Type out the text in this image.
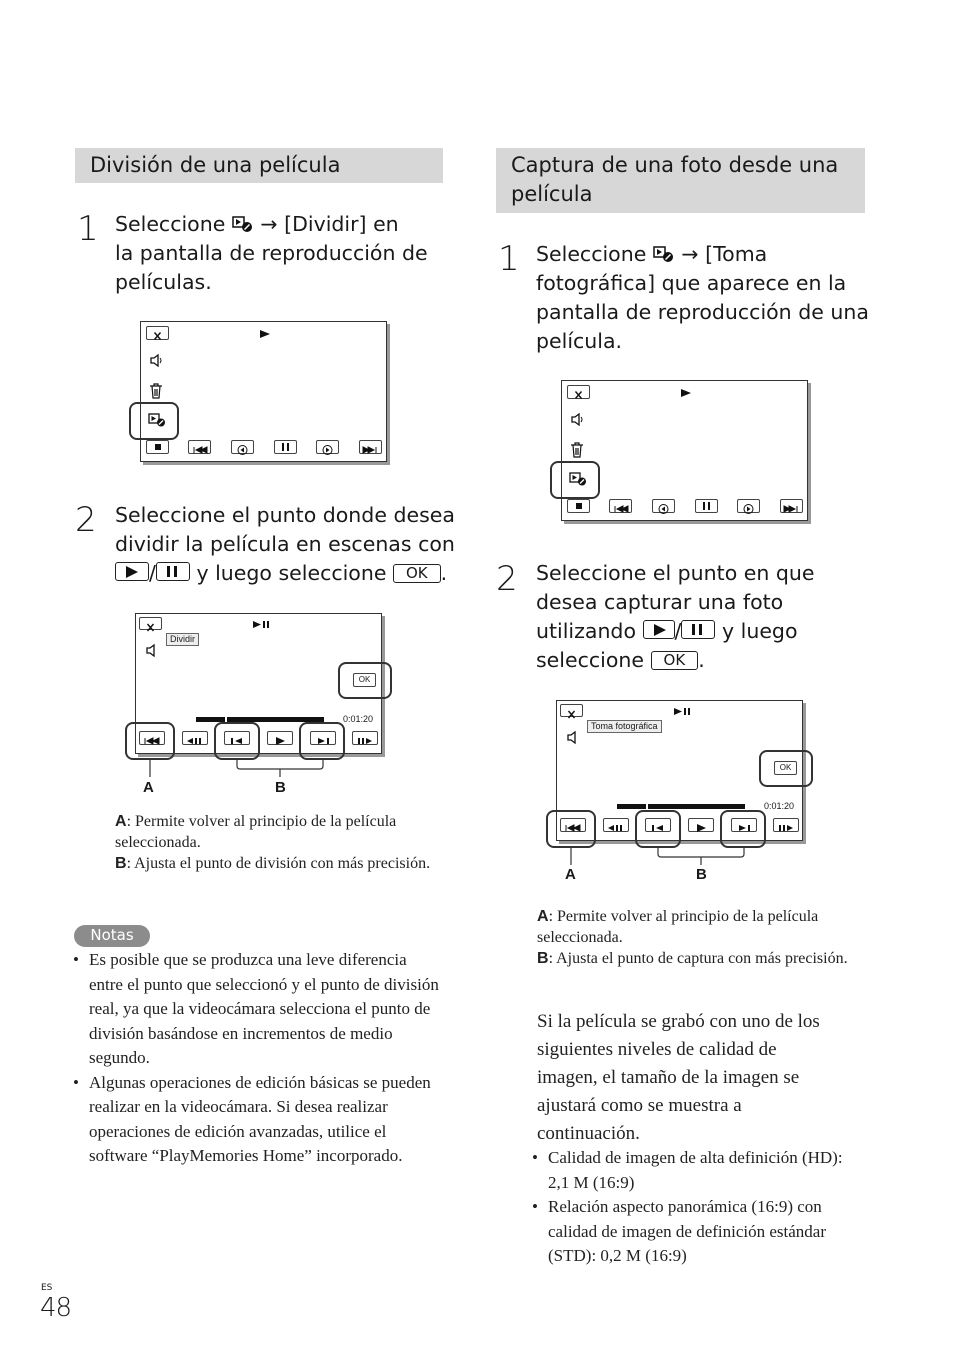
División de una película
1 Seleccione → [Dividir] en
la pantalla de reproducción de
películas.
2 Seleccione el punto donde desea
dividir la película en escenas con
/ y luego seleccione OK .
Dividir
OK
0:01:20
A	B
A: Permite volver al principio de la película seleccionada.
B: Ajusta el punto de división con más precisión.
Notas
• Es posible que se produzca una leve diferencia entre el punto que seleccionó y el punto de división real, ya que la videocámara selecciona el punto de división basándose en incrementos de medio segundo.
• Algunas operaciones de edición básicas se pueden realizar en la videocámara. Si desea realizar operaciones de edición avanzadas, utilice el software “PlayMemories Home” incorporado.
Captura de una foto desde una
película
1 Seleccione → [Toma
fotográfica] que aparece en la
pantalla de reproducción de una
película.
2 Seleccione el punto en que
desea capturar una foto
utilizando / y luego
seleccione OK .
Toma fotográfica
OK
0:01:20
A	B
A: Permite volver al principio de la película seleccionada.
B: Ajusta el punto de captura con más precisión.
Si la película se grabó con uno de los siguientes niveles de calidad de imagen, el tamaño de la imagen se ajustará como se muestra a continuación.
• Calidad de imagen de alta definición (HD): 2,1 M (16:9)
• Relación aspecto panorámica (16:9) con calidad de imagen de definición estándar (STD): 0,2 M (16:9)
ES
48
